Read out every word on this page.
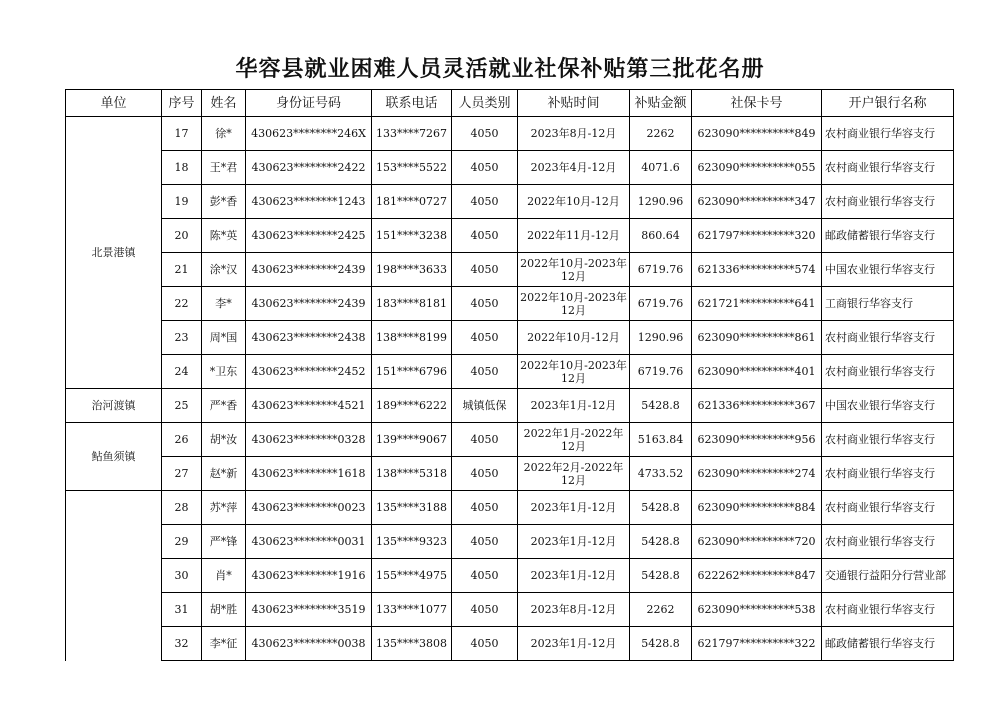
华容县就业困难人员灵活就业社保补贴第三批花名册
单位	序号	姓名	身份证号码	联系电话	人员类别	补贴时间	补贴金额	社保卡号	开户银行名称
北景港镇	17	徐*	430623********246X	133****7267	4050	2023年8月-12月	2262	623090**********849	农村商业银行华容支行
	18	王*君	430623********2422	153****5522	4050	2023年4月-12月	4071.6	623090**********055	农村商业银行华容支行
	19	彭*香	430623********1243	181****0727	4050	2022年10月-12月	1290.96	623090**********347	农村商业银行华容支行
	20	陈*英	430623********2425	151****3238	4050	2022年11月-12月	860.64	621797**********320	邮政储蓄银行华容支行
	21	涂*汉	430623********2439	198****3633	4050	2022年10月-2023年12月	6719.76	621336**********574	中国农业银行华容支行
	22	李*	430623********2439	183****8181	4050	2022年10月-2023年12月	6719.76	621721**********641	工商银行华容支行
	23	周*国	430623********2438	138****8199	4050	2022年10月-12月	1290.96	623090**********861	农村商业银行华容支行
	24	*卫东	430623********2452	151****6796	4050	2022年10月-2023年12月	6719.76	623090**********401	农村商业银行华容支行
治河渡镇	25	严*香	430623********4521	189****6222	城镇低保	2023年1月-12月	5428.8	621336**********367	中国农业银行华容支行
鲇鱼须镇	26	胡*汝	430623********0328	139****9067	4050	2022年1月-2022年12月	5163.84	623090**********956	农村商业银行华容支行
	27	赵*新	430623********1618	138****5318	4050	2022年2月-2022年12月	4733.52	623090**********274	农村商业银行华容支行
	28	苏*萍	430623********0023	135****3188	4050	2023年1月-12月	5428.8	623090**********884	农村商业银行华容支行
	29	严*锋	430623********0031	135****9323	4050	2023年1月-12月	5428.8	623090**********720	农村商业银行华容支行
	30	肖*	430623********1916	155****4975	4050	2023年1月-12月	5428.8	622262**********847	交通银行益阳分行营业部
	31	胡*胜	430623********3519	133****1077	4050	2023年8月-12月	2262	623090**********538	农村商业银行华容支行
	32	李*征	430623********0038	135****3808	4050	2023年1月-12月	5428.8	621797**********322	邮政储蓄银行华容支行
